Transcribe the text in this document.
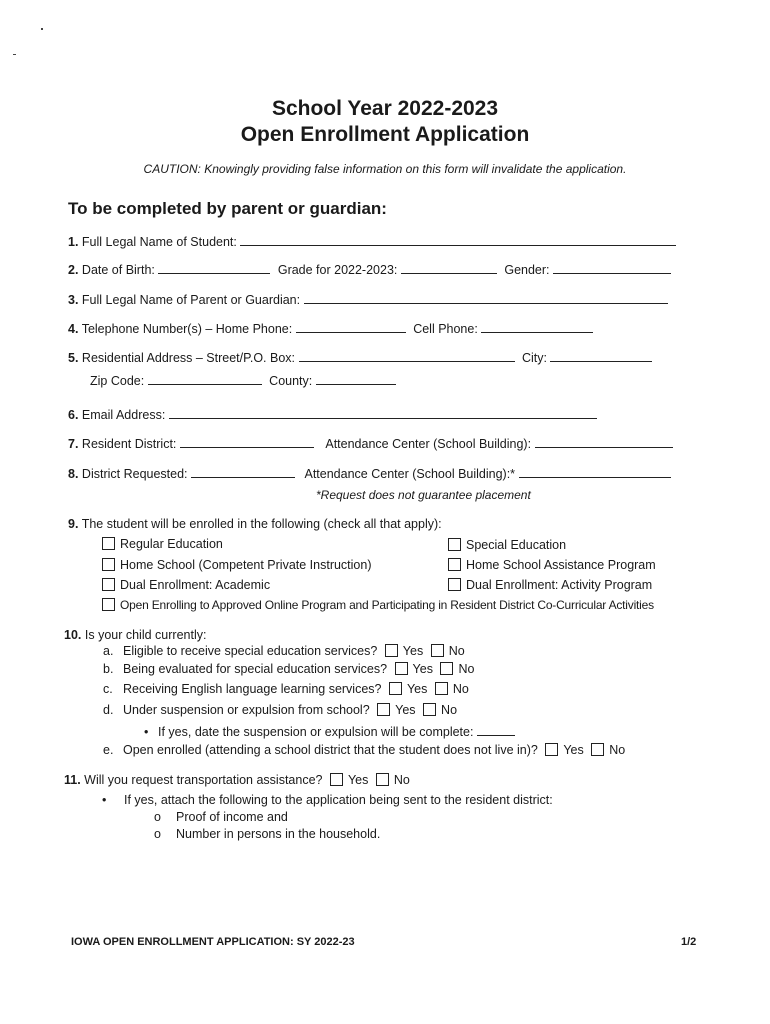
School Year 2022-2023
Open Enrollment Application
CAUTION: Knowingly providing false information on this form will invalidate the application.
To be completed by parent or guardian:
1. Full Legal Name of Student:
2. Date of Birth:	Grade for 2022-2023:	Gender:
3. Full Legal Name of Parent or Guardian:
4. Telephone Number(s) – Home Phone:	Cell Phone:
5. Residential Address – Street/P.O. Box:	City:
Zip Code:	County:
6. Email Address:
7. Resident District:	Attendance Center (School Building):
8. District Requested:	Attendance Center (School Building):*
*Request does not guarantee placement
9. The student will be enrolled in the following (check all that apply):
Regular Education	Special Education
Home School (Competent Private Instruction)	Home School Assistance Program
Dual Enrollment: Academic	Dual Enrollment: Activity Program
Open Enrolling to Approved Online Program and Participating in Resident District Co-Curricular Activities
10. Is your child currently:
a. Eligible to receive special education services? Yes No
b. Being evaluated for special education services? Yes No
c. Receiving English language learning services? Yes No
d. Under suspension or expulsion from school? Yes No
• If yes, date the suspension or expulsion will be complete:
e. Open enrolled (attending a school district that the student does not live in)? Yes No
11. Will you request transportation assistance? Yes No
• If yes, attach the following to the application being sent to the resident district:
o Proof of income and
o Number in persons in the household.
IOWA OPEN ENROLLMENT APPLICATION: SY 2022-23	1/2
